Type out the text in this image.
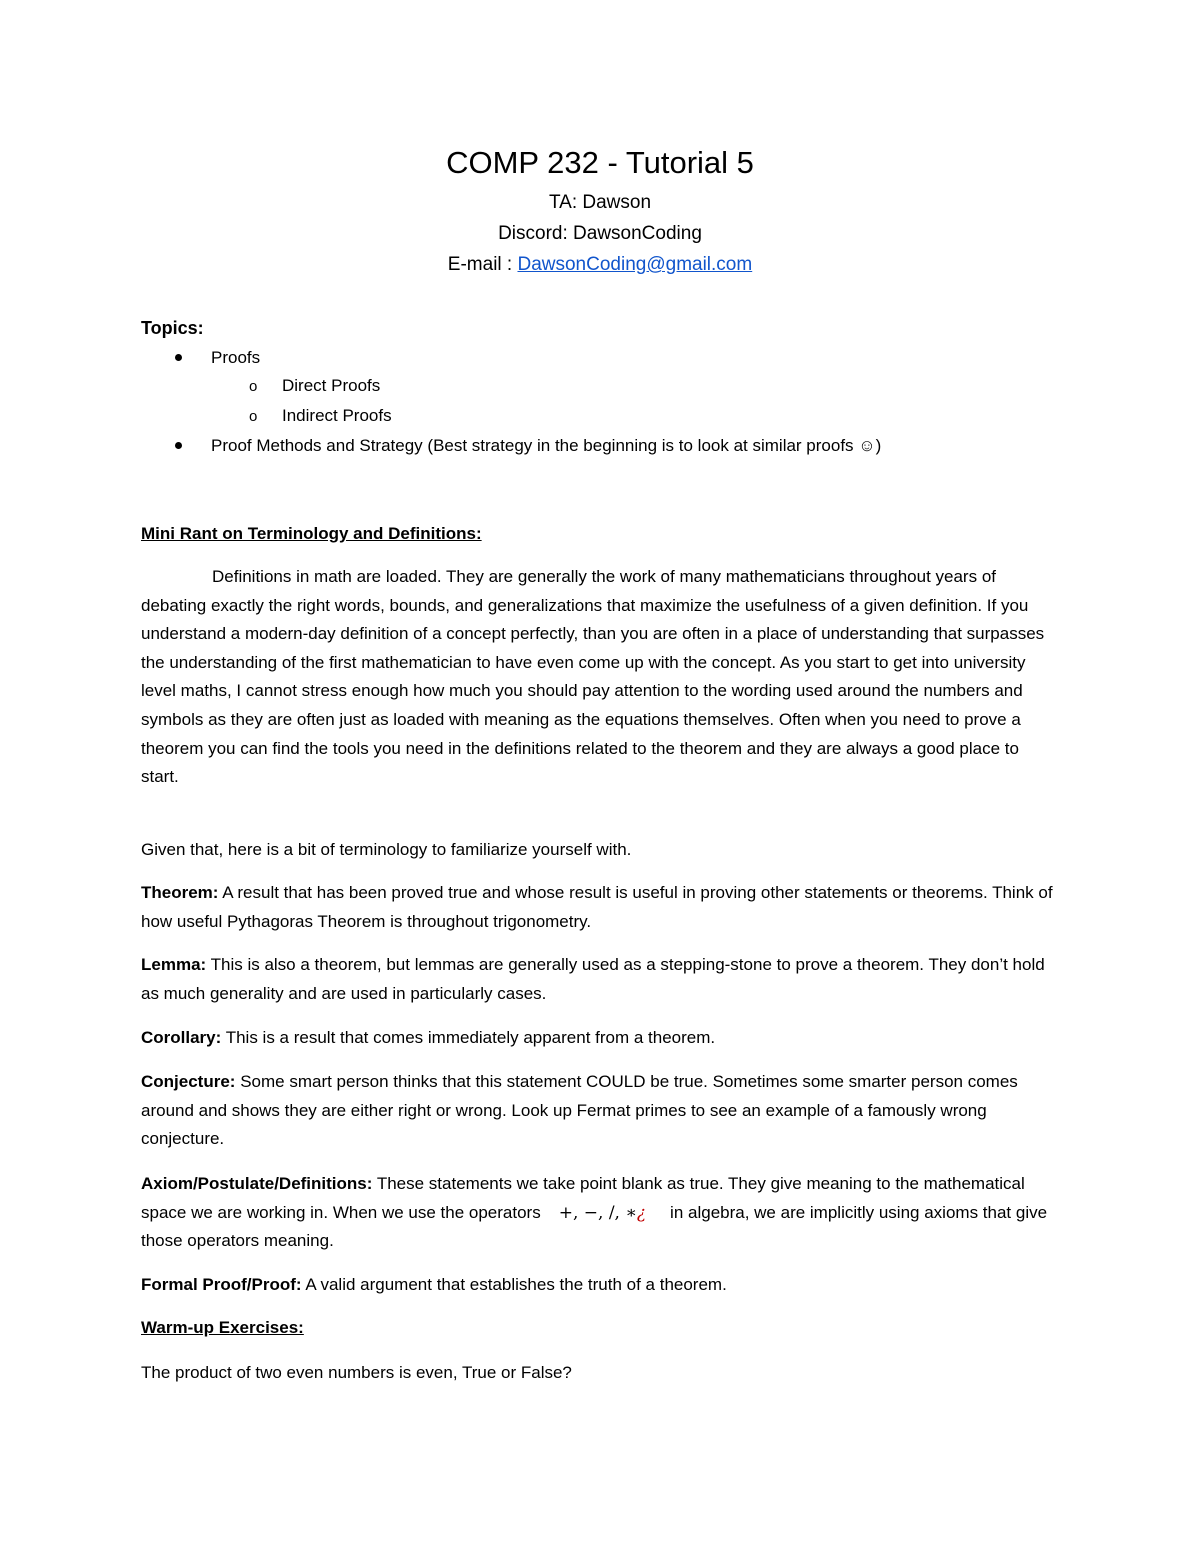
COMP 232 - Tutorial 5
TA: Dawson
Discord: DawsonCoding
E-mail : DawsonCoding@gmail.com
Topics:
Proofs
o Direct Proofs
o Indirect Proofs
Proof Methods and Strategy (Best strategy in the beginning is to look at similar proofs ☺)
Mini Rant on Terminology and Definitions:
Definitions in math are loaded. They are generally the work of many mathematicians throughout years of debating exactly the right words, bounds, and generalizations that maximize the usefulness of a given definition. If you understand a modern-day definition of a concept perfectly, than you are often in a place of understanding that surpasses the understanding of the first mathematician to have even come up with the concept. As you start to get into university level maths, I cannot stress enough how much you should pay attention to the wording used around the numbers and symbols as they are often just as loaded with meaning as the equations themselves. Often when you need to prove a theorem you can find the tools you need in the definitions related to the theorem and they are always a good place to start.
Given that, here is a bit of terminology to familiarize yourself with.
Theorem: A result that has been proved true and whose result is useful in proving other statements or theorems. Think of how useful Pythagoras Theorem is throughout trigonometry.
Lemma: This is also a theorem, but lemmas are generally used as a stepping-stone to prove a theorem. They don’t hold as much generality and are used in particularly cases.
Corollary: This is a result that comes immediately apparent from a theorem.
Conjecture: Some smart person thinks that this statement COULD be true. Sometimes some smarter person comes around and shows they are either right or wrong. Look up Fermat primes to see an example of a famously wrong conjecture.
Axiom/Postulate/Definitions: These statements we take point blank as true. They give meaning to the mathematical space we are working in. When we use the operators +, −, /, ∗¿ in algebra, we are implicitly using axioms that give those operators meaning.
Formal Proof/Proof: A valid argument that establishes the truth of a theorem.
Warm-up Exercises:
The product of two even numbers is even, True or False?
